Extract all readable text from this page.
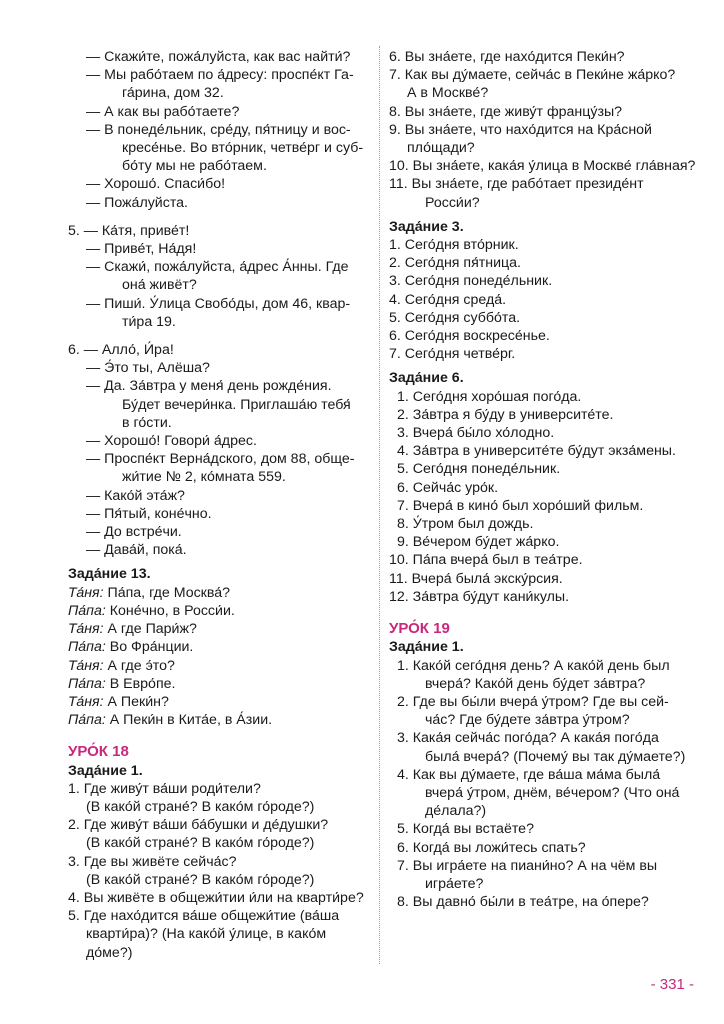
— Скажи́те, пожа́луйста, как вас найти́?
— Мы рабо́таем по а́дресу: проспе́кт Га-
га́рина, дом 32.
— А как вы рабо́таете?
— В понеде́льник, сре́ду, пя́тницу и вос-
кресе́нье. Во вто́рник, четве́рг и суб-
бо́ту мы не рабо́таем.
— Хорошо́. Спаси́бо!
— Пожа́луйста.
5. — Ка́тя, приве́т!
— Приве́т, На́дя!
— Скажи́, пожа́луйста, а́дрес А́нны. Где
она́ живёт?
— Пиши́. У́лица Свобо́ды, дом 46, квар-
ти́ра 19.
6. — Алло́, И́ра!
— Э́то ты, Алёша?
— Да. За́втра у меня́ день рожде́ния.
Бу́дет вечери́нка. Приглаша́ю тебя́
в го́сти.
— Хорошо́! Говори́ а́дрес.
— Проспе́кт Верна́дского, дом 88, обще-
жи́тие № 2, ко́мната 559.
— Како́й эта́ж?
— Пя́тый, коне́чно.
— До встре́чи.
— Дава́й, пока́.
Зада́ние 13.
Та́ня: Па́па, где Москва́?
Па́па: Коне́чно, в Росси́и.
Та́ня: А где Пари́ж?
Па́па: Во Фра́нции.
Та́ня: А где э́то?
Па́па: В Евро́пе.
Та́ня: А Пеки́н?
Па́па: А Пеки́н в Кита́е, в А́зии.
УРО́К 18
Зада́ние 1.
1. Где живу́т ва́ши роди́тели?
(В како́й стране́? В како́м го́роде?)
2. Где живу́т ва́ши ба́бушки и де́душки?
(В како́й стране́? В како́м го́роде?)
3. Где вы живёте сейча́с?
(В како́й стране́? В како́м го́роде?)
4. Вы живёте в общежи́тии и́ли на кварти́ре?
5. Где нахо́дится ва́ше общежи́тие (ва́ша
кварти́ра)? (На како́й у́лице, в како́м
до́ме?)
6. Вы зна́ете, где нахо́дится Пеки́н?
7. Как вы ду́маете, сейча́с в Пеки́не жа́рко?
А в Москве́?
8. Вы зна́ете, где живу́т францу́зы?
9. Вы зна́ете, что нахо́дится на Кра́сной
пло́щади?
10. Вы зна́ете, кака́я у́лица в Москве́ гла́вная?
11. Вы зна́ете, где рабо́тает президе́нт
Росси́и?
Зада́ние 3.
1. Сего́дня вто́рник.
2. Сего́дня пя́тница.
3. Сего́дня понеде́льник.
4. Сего́дня среда́.
5. Сего́дня суббо́та.
6. Сего́дня воскресе́нье.
7. Сего́дня четве́рг.
Зада́ние 6.
1. Сего́дня хоро́шая пого́да.
2. За́втра я бу́ду в университе́те.
3. Вчера́ бы́ло хо́лодно.
4. За́втра в университе́те бу́дут экза́мены.
5. Сего́дня понеде́льник.
6. Сейча́с уро́к.
7. Вчера́ в кино́ был хоро́ший фильм.
8. У́тром был дождь.
9. Ве́чером бу́дет жа́рко.
10. Па́па вчера́ был в теа́тре.
11. Вчера́ была́ экску́рсия.
12. За́втра бу́дут кани́кулы.
УРО́К 19
Зада́ние 1.
1. Како́й сего́дня день? А како́й день был
вчера́? Како́й день бу́дет за́втра?
2. Где вы бы́ли вчера́ у́тром? Где вы сей-
ча́с? Где бу́дете за́втра у́тром?
3. Кака́я сейча́с пого́да? А кака́я пого́да
была́ вчера́? (Почему́ вы так ду́маете?)
4. Как вы ду́маете, где ва́ша ма́ма была́
вчера́ у́тром, днём, ве́чером? (Что она́
де́лала?)
5. Когда́ вы встаёте?
6. Когда́ вы ложи́тесь спать?
7. Вы игра́ете на пиани́но? А на чём вы
игра́ете?
8. Вы давно́ бы́ли в теа́тре, на о́пере?
- 331 -
